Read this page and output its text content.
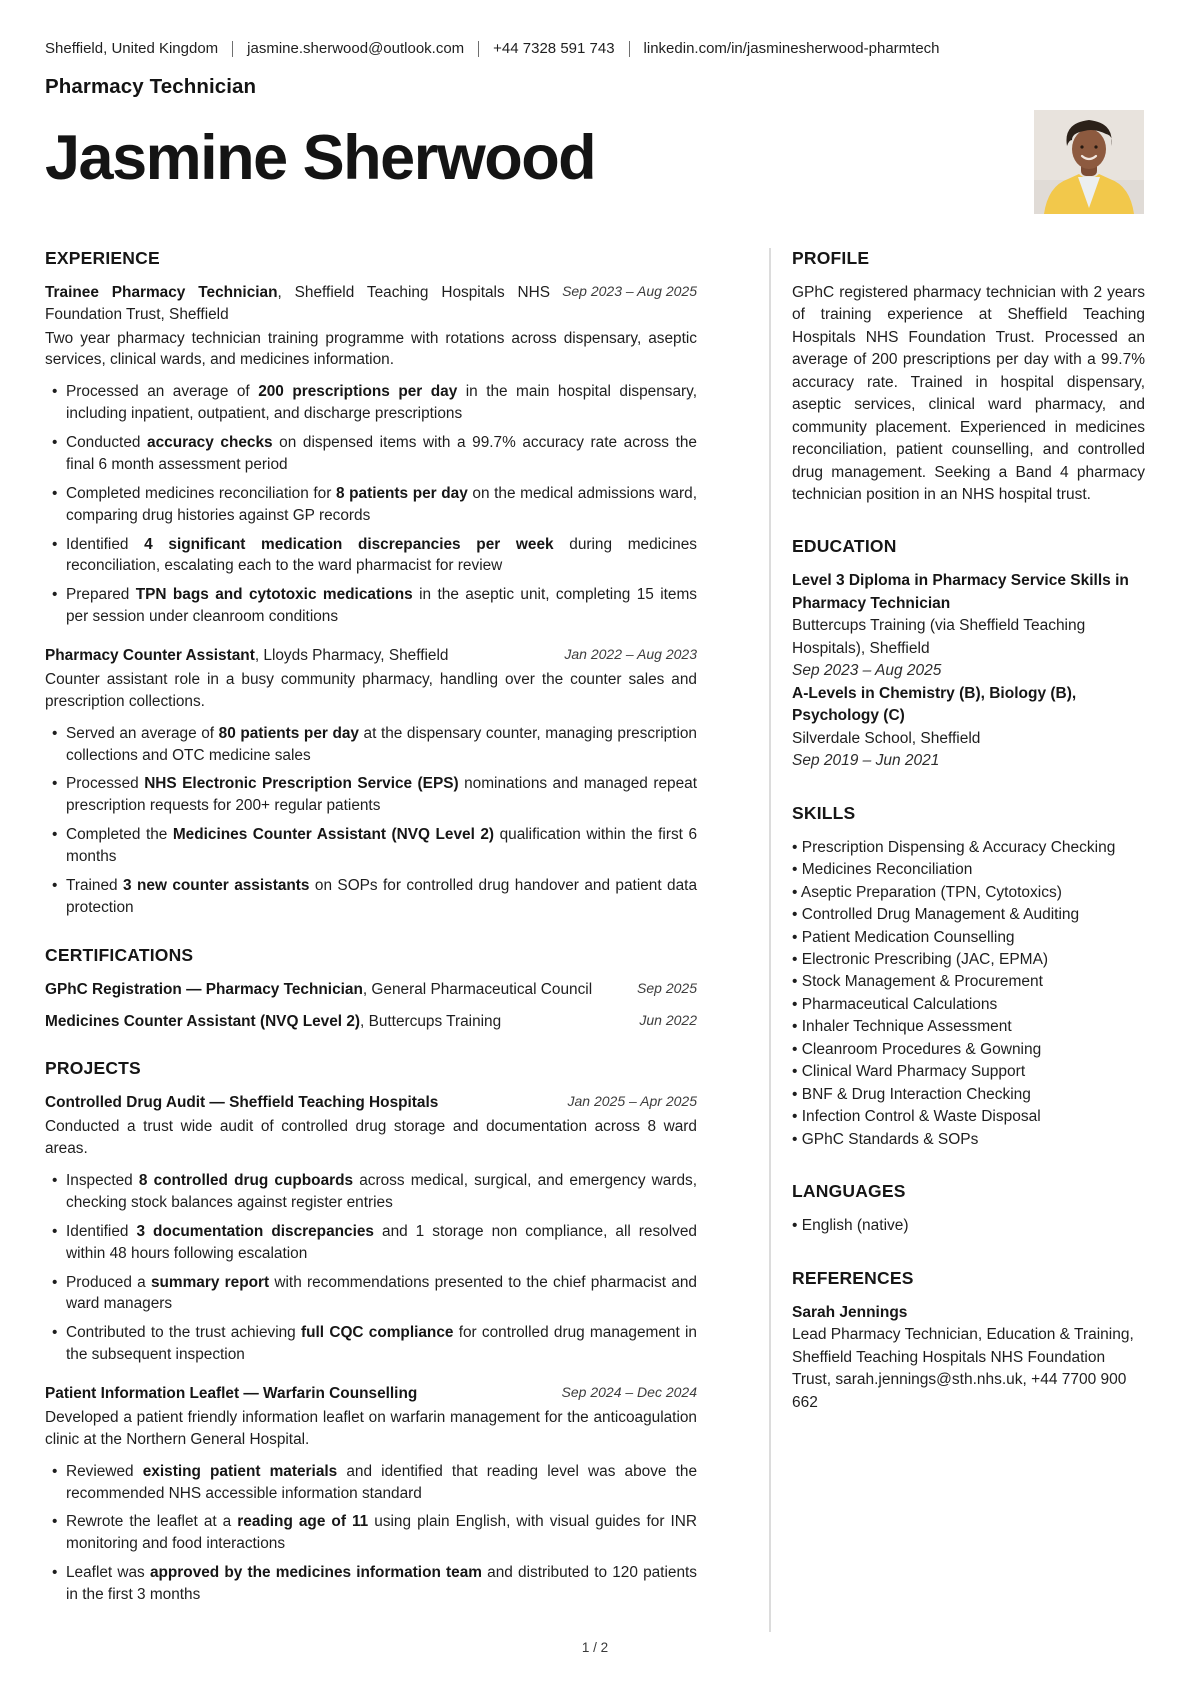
Sheffield, United Kingdom jasmine.sherwood@outlook.com +44 7328 591 743 linkedin.com/in/jasminesherwood-pharmtech
Pharmacy Technician
Jasmine Sherwood
EXPERIENCE
Trainee Pharmacy Technician, Sheffield Teaching Hospitals NHS Foundation Trust, Sheffield
Sep 2023 – Aug 2025
Two year pharmacy technician training programme with rotations across dispensary, aseptic services, clinical wards, and medicines information.
• Processed an average of 200 prescriptions per day in the main hospital dispensary, including inpatient, outpatient, and discharge prescriptions
• Conducted accuracy checks on dispensed items with a 99.7% accuracy rate across the final 6 month assessment period
• Completed medicines reconciliation for 8 patients per day on the medical admissions ward, comparing drug histories against GP records
• Identified 4 significant medication discrepancies per week during medicines reconciliation, escalating each to the ward pharmacist for review
• Prepared TPN bags and cytotoxic medications in the aseptic unit, completing 15 items per session under cleanroom conditions
Pharmacy Counter Assistant, Lloyds Pharmacy, Sheffield	Jan 2022 – Aug 2023
Counter assistant role in a busy community pharmacy, handling over the counter sales and prescription collections.
• Served an average of 80 patients per day at the dispensary counter, managing prescription collections and OTC medicine sales
• Processed NHS Electronic Prescription Service (EPS) nominations and managed repeat prescription requests for 200+ regular patients
• Completed the Medicines Counter Assistant (NVQ Level 2) qualification within the first 6 months
• Trained 3 new counter assistants on SOPs for controlled drug handover and patient data protection
CERTIFICATIONS
GPhC Registration — Pharmacy Technician, General Pharmaceutical Council	Sep 2025
Medicines Counter Assistant (NVQ Level 2), Buttercups Training	Jun 2022
PROJECTS
Controlled Drug Audit — Sheffield Teaching Hospitals	Jan 2025 – Apr 2025
Conducted a trust wide audit of controlled drug storage and documentation across 8 ward areas.
• Inspected 8 controlled drug cupboards across medical, surgical, and emergency wards, checking stock balances against register entries
• Identified 3 documentation discrepancies and 1 storage non compliance, all resolved within 48 hours following escalation
• Produced a summary report with recommendations presented to the chief pharmacist and ward managers
• Contributed to the trust achieving full CQC compliance for controlled drug management in the subsequent inspection
Patient Information Leaflet — Warfarin Counselling	Sep 2024 – Dec 2024
Developed a patient friendly information leaflet on warfarin management for the anticoagulation clinic at the Northern General Hospital.
• Reviewed existing patient materials and identified that reading level was above the recommended NHS accessible information standard
• Rewrote the leaflet at a reading age of 11 using plain English, with visual guides for INR monitoring and food interactions
• Leaflet was approved by the medicines information team and distributed to 120 patients in the first 3 months
PROFILE

GPhC registered pharmacy technician with 2 years of training experience at Sheffield Teaching Hospitals NHS Foundation Trust. Processed an average of 200 prescriptions per day with a 99.7% accuracy rate. Trained in hospital dispensary, aseptic services, clinical ward pharmacy, and community placement. Experienced in medicines reconciliation, patient counselling, and controlled drug management. Seeking a Band 4 pharmacy technician position in an NHS hospital trust.

EDUCATION
Level 3 Diploma in Pharmacy Service Skills in Pharmacy Technician
Buttercups Training (via Sheffield Teaching Hospitals), Sheffield
Sep 2023 – Aug 2025
A-Levels in Chemistry (B), Biology (B), Psychology (C)
Silverdale School, Sheffield
Sep 2019 – Jun 2021
SKILLS
• Prescription Dispensing & Accuracy Checking
• Medicines Reconciliation
• Aseptic Preparation (TPN, Cytotoxics)
• Controlled Drug Management & Auditing
• Patient Medication Counselling
• Electronic Prescribing (JAC, EPMA)
• Stock Management & Procurement
• Pharmaceutical Calculations
• Inhaler Technique Assessment
• Cleanroom Procedures & Gowning
• Clinical Ward Pharmacy Support
• BNF & Drug Interaction Checking
• Infection Control & Waste Disposal
• GPhC Standards & SOPs
LANGUAGES
• English (native)
REFERENCES
Sarah Jennings
Lead Pharmacy Technician, Education & Training, Sheffield Teaching Hospitals NHS Foundation Trust, sarah.jennings@sth.nhs.uk, +44 7700 900 662
1 / 2
